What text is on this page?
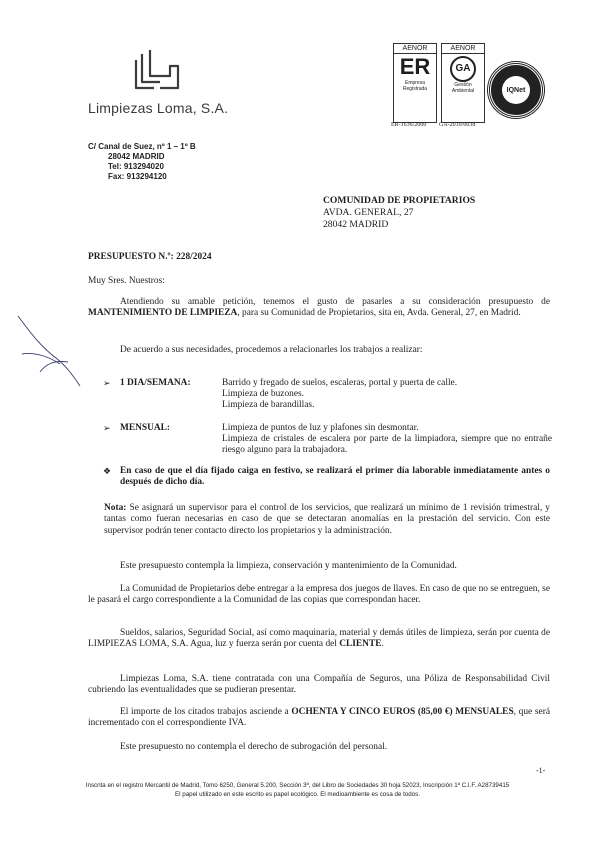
Limpiezas Loma, S.A.
AENOR
ER
Empresa
Registrada
ER-1636/2000
AENOR
GA
Gestión
Ambiental
GA-2010/0038
IQNet
C/ Canal de Suez, nº 1 – 1º B
28042 MADRID
Tel: 913294020
Fax: 913294120
COMUNIDAD DE PROPIETARIOS
AVDA. GENERAL, 27
28042 MADRID
PRESUPUESTO N.º: 228/2024
Muy Sres. Nuestros:
Atendiendo su amable petición, tenemos el gusto de pasarles a su consideración presupuesto de MANTENIMIENTO DE LIMPIEZA, para su Comunidad de Propietarios, sita en, Avda. General, 27, en Madrid.
De acuerdo a sus necesidades, procedemos a relacionarles los trabajos a realizar:
➢ 1 DIA/SEMANA:	Barrido y fregado de suelos, escaleras, portal y puerta de calle.
Limpieza de buzones.
Limpieza de barandillas.
➢ MENSUAL:	Limpieza de puntos de luz y plafones sin desmontar.
Limpieza de cristales de escalera por parte de la limpiadora, siempre que no entrañe riesgo alguno para la trabajadora.
❖ En caso de que el día fijado caiga en festivo, se realizará el primer día laborable inmediatamente antes o después de dicho día.
Nota: Se asignará un supervisor para el control de los servicios, que realizará un mínimo de 1 revisión trimestral, y tantas como fueran necesarias en caso de que se detectaran anomalías en la prestación del servicio. Con este supervisor podrán tener contacto directo los propietarios y la administración.
Este presupuesto contempla la limpieza, conservación y mantenimiento de la Comunidad.
La Comunidad de Propietarios debe entregar a la empresa dos juegos de llaves. En caso de que no se entreguen, se le pasará el cargo correspondiente a la Comunidad de las copias que correspondan hacer.
Sueldos, salarios, Seguridad Social, así como maquinaria, material y demás útiles de limpieza, serán por cuenta de LIMPIEZAS LOMA, S.A. Agua, luz y fuerza serán por cuenta del CLIENTE.
Limpiezas Loma, S.A. tiene contratada con una Compañía de Seguros, una Póliza de Responsabilidad Civil cubriendo las eventualidades que se pudieran presentar.
El importe de los citados trabajos asciende a OCHENTA Y CINCO EUROS (85,00 €) MENSUALES, que será incrementado con el correspondiente IVA.
Este presupuesto no contempla el derecho de subrogación del personal.
-1-
Inscrita en el registro Mercantil de Madrid, Tomo 6250, General 5.200, Sección 3ª, del Libro de Sociedades 30 hoja 52023, Inscripción 1ª C.I.F. A28739415
El papel utilizado en este escrito es papel ecológico. El medioambiente es cosa de todos.
